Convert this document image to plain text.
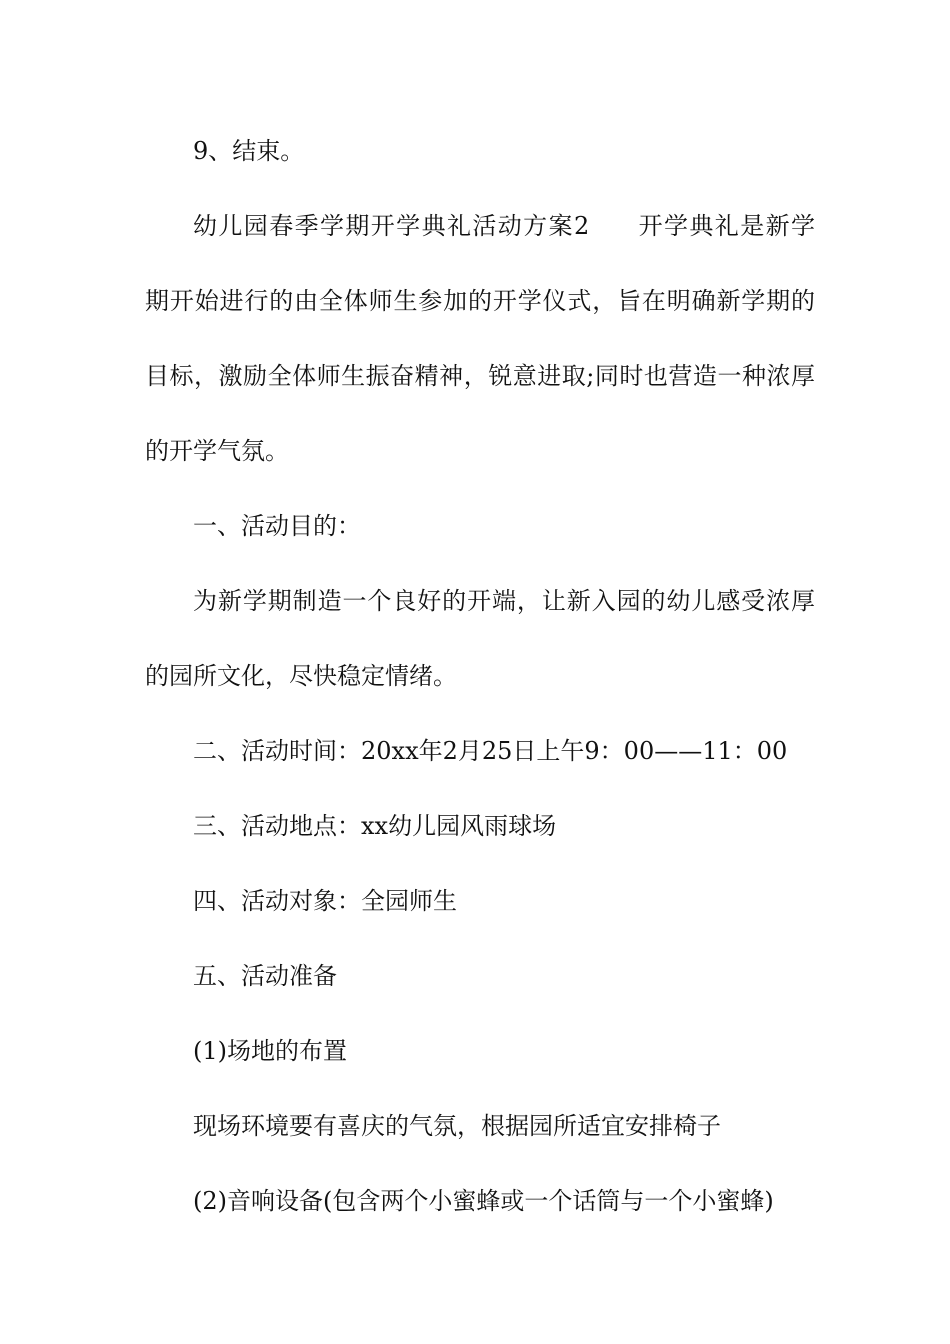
9、结束。
幼儿园春季学期开学典礼活动方案2 开学典礼是新学
期开始进行的由全体师生参加的开学仪式，旨在明确新学期的
目标，激励全体师生振奋精神，锐意进取;同时也营造一种浓厚
的开学气氛。
一、活动目的：
为新学期制造一个良好的开端，让新入园的幼儿感受浓厚
的园所文化，尽快稳定情绪。
二、活动时间：20xx年2月25日上午9：00——11：00
三、活动地点：xx幼儿园风雨球场
四、活动对象：全园师生
五、活动准备
(1)场地的布置
现场环境要有喜庆的气氛，根据园所适宜安排椅子
(2)音响设备(包含两个小蜜蜂或一个话筒与一个小蜜蜂)
